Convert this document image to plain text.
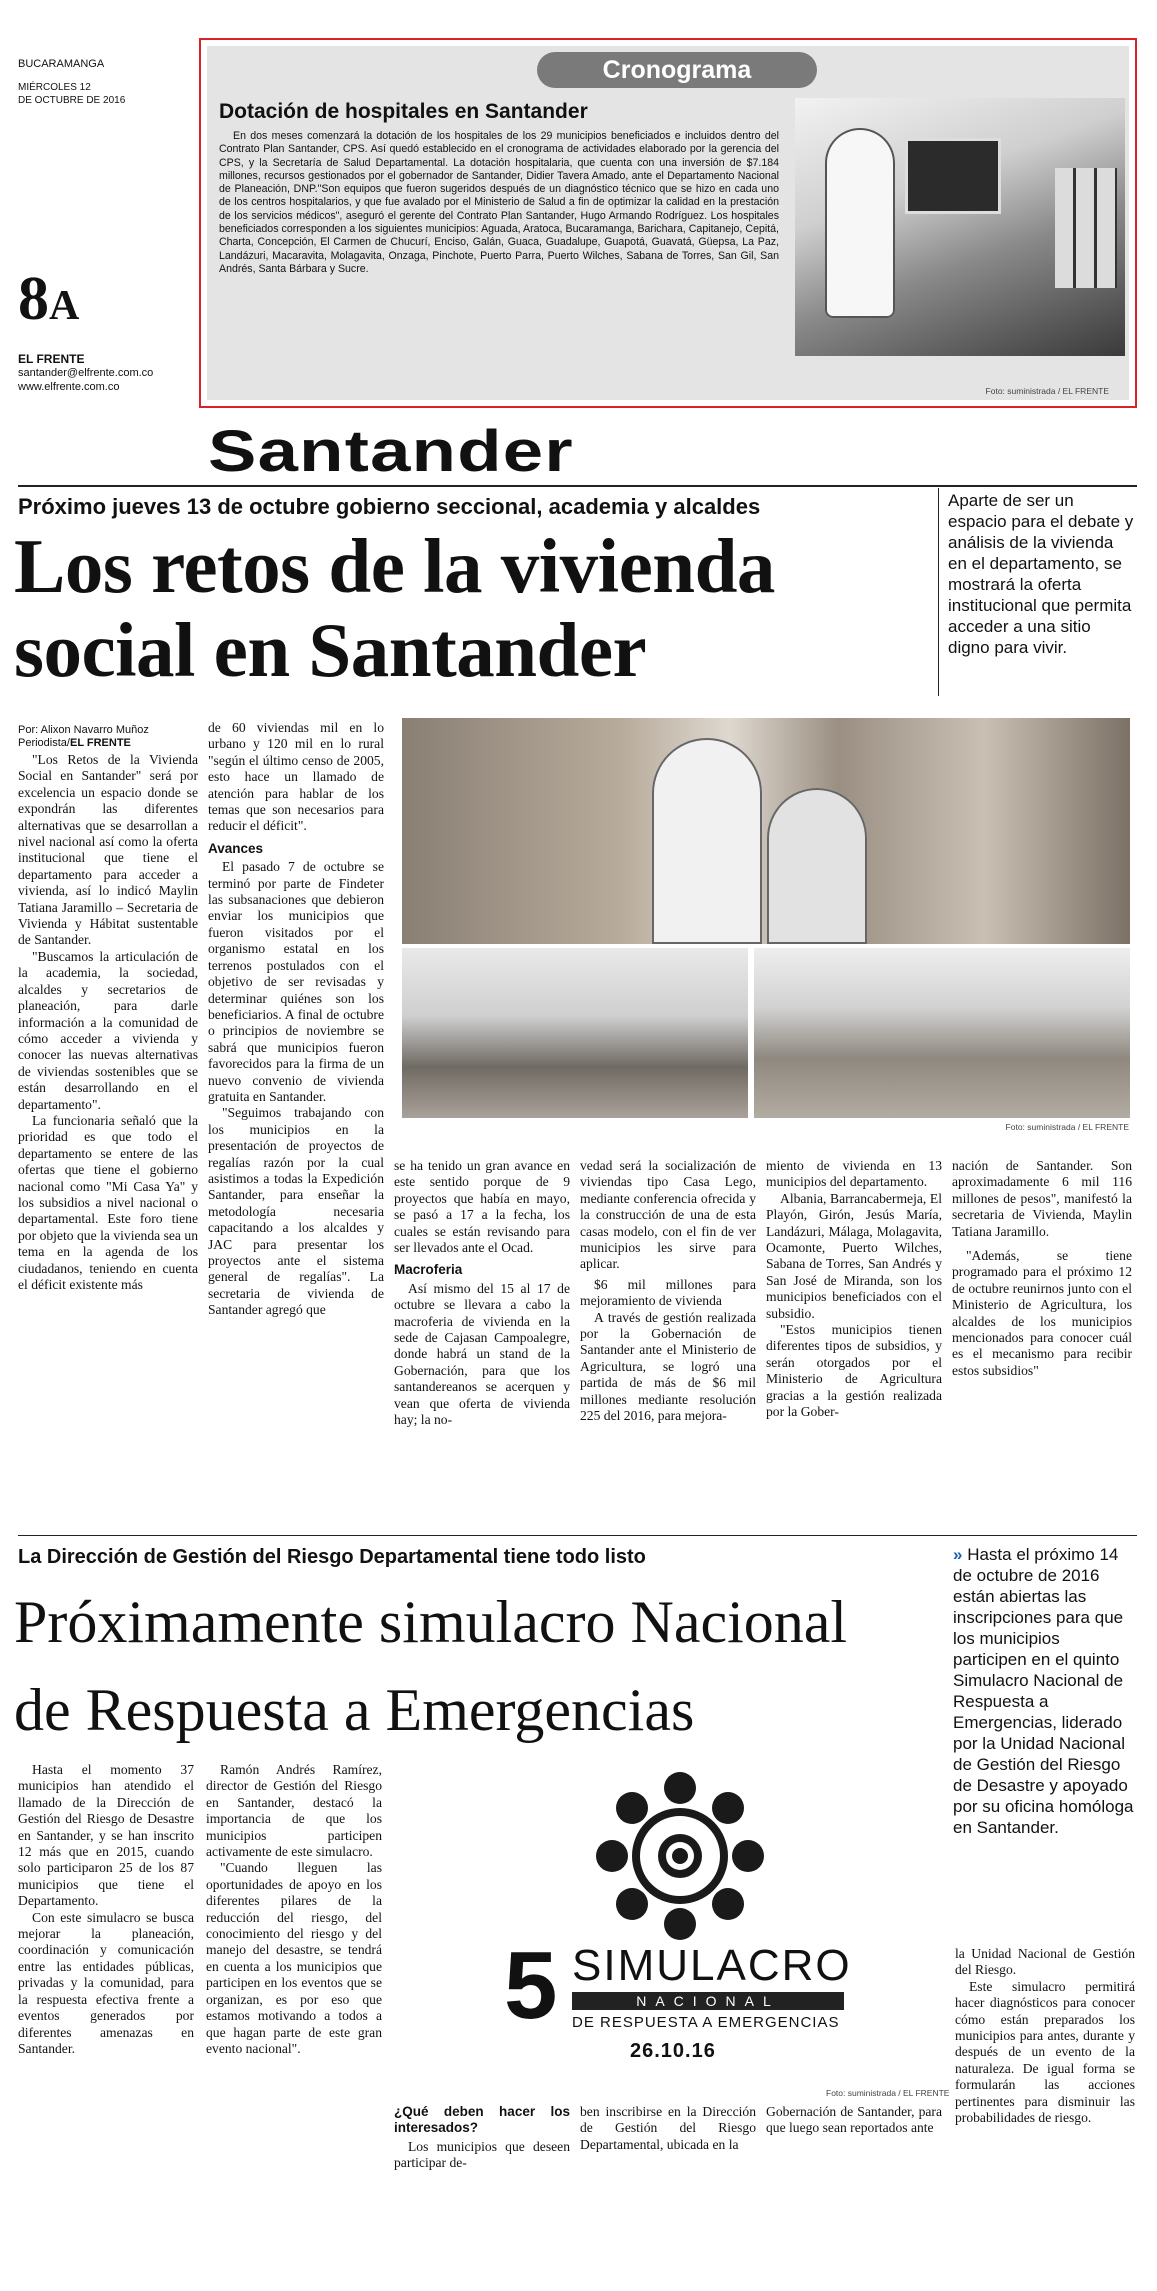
BUCARAMANGA
MIÉRCOLES 12
DE OCTUBRE DE 2016
8A
EL FRENTE
santander@elfrente.com.co
www.elfrente.com.co
Cronograma
Dotación de hospitales en Santander
En dos meses comenzará la dotación de los hospitales de los 29 municipios beneficiados e incluidos dentro del Contrato Plan Santander, CPS. Así quedó establecido en el cronograma de actividades elaborado por la gerencia del CPS, y la Secretaría de Salud Departamental. La dotación hospitalaria, que cuenta con una inversión de $7.184 millones, recursos gestionados por el gobernador de Santander, Didier Tavera Amado, ante el Departamento Nacional de Planeación, DNP."Son equipos que fueron sugeridos después de un diagnóstico técnico que se hizo en cada uno de los centros hospitalarios, y que fue avalado por el Ministerio de Salud a fin de optimizar la calidad en la prestación de los servicios médicos", aseguró el gerente del Contrato Plan Santander, Hugo Armando Rodríguez. Los hospitales beneficiados corresponden a los siguientes municipios: Aguada, Aratoca, Bucaramanga, Barichara, Capitanejo, Cepitá, Charta, Concepción, El Carmen de Chucurí, Enciso, Galán, Guaca, Guadalupe, Guapotá, Guavatá, Güepsa, La Paz, Landázuri, Macaravita, Molagavita, Onzaga, Pinchote, Puerto Parra, Puerto Wilches, Sabana de Torres, San Gil, San Andrés, Santa Bárbara y Sucre.
Foto: suministrada / EL FRENTE
Santander
Próximo jueves 13 de octubre gobierno seccional, academia y alcaldes
Los retos de la vivienda
social en Santander
Aparte de ser un espacio para el debate y análisis de la vivienda en el departamento, se mostrará la oferta institucional que permita acceder a una sitio digno para vivir.
Por: Alixon Navarro Muñoz
Periodista/EL FRENTE

"Los Retos de la Vivienda Social en Santander" será por excelencia un espacio donde se expondrán las diferentes alternativas que se desarrollan a nivel nacional así como la oferta institucional que tiene el departamento para acceder a vivienda, así lo indicó Maylin Tatiana Jaramillo – Secretaria de Vivienda y Hábitat sustentable de Santander.

"Buscamos la articulación de la academia, la sociedad, alcaldes y secretarios de planeación, para darle información a la comunidad de cómo acceder a vivienda y conocer las nuevas alternativas de viviendas sostenibles que se están desarrollando en el departamento".

La funcionaria señaló que la prioridad es que todo el departamento se entere de las ofertas que tiene el gobierno nacional como "Mi Casa Ya" y los subsidios a nivel nacional o departamental. Este foro tiene por objeto que la vivienda sea un tema en la agenda de los ciudadanos, teniendo en cuenta el déficit existente más

de 60 viviendas mil en lo urbano y 120 mil en lo rural "según el último censo de 2005, esto hace un llamado de atención para hablar de los temas que son necesarios para reducir el déficit".

Avances

El pasado 7 de octubre se terminó por parte de Findeter las subsanaciones que debieron enviar los municipios que fueron visitados por el organismo estatal en los terrenos postulados con el objetivo de ser revisadas y determinar quiénes son los beneficiarios. A final de octubre o principios de noviembre se sabrá que municipios fueron favorecidos para la firma de un nuevo convenio de vivienda gratuita en Santander.

"Seguimos trabajando con los municipios en la presentación de proyectos de regalías razón por la cual asistimos a todas la Expedición Santander, para enseñar la metodología necesaria capacitando a los alcaldes y JAC para presentar los proyectos ante el sistema general de regalías". La secretaria de vivienda de Santander agregó que

Foto: suministrada / EL FRENTE

se ha tenido un gran avance en este sentido porque de 9 proyectos que había en mayo, se pasó a 17 a la fecha, los cuales se están revisando para ser llevados ante el Ocad.

Macroferia

Así mismo del 15 al 17 de octubre se llevara a cabo la macroferia de vivienda en la sede de Cajasan Campoalegre, donde habrá un stand de la Gobernación, para que los santandereanos se acerquen y vean que oferta de vivienda hay; la no-

vedad será la socialización de viviendas tipo Casa Lego, mediante conferencia ofrecida y la construcción de una de esta casas modelo, con el fin de ver municipios les sirve para aplicar.

$6 mil millones para mejoramiento de vivienda

A través de gestión realizada por la Gobernación de Santander ante el Ministerio de Agricultura, se logró una partida de más de $6 mil millones mediante resolución 225 del 2016, para mejora-

miento de vivienda en 13 municipios del departamento.

Albania, Barrancabermeja, El Playón, Girón, Jesús María, Landázuri, Málaga, Molagavita, Ocamonte, Puerto Wilches, Sabana de Torres, San Andrés y San José de Miranda, son los municipios beneficiados con el subsidio.

"Estos municipios tienen diferentes tipos de subsidios, y serán otorgados por el Ministerio de Agricultura gracias a la gestión realizada por la Gober-

nación de Santander. Son aproximadamente 6 mil 116 millones de pesos", manifestó la secretaria de Vivienda, Maylin Tatiana Jaramillo.

"Además, se tiene programado para el próximo 12 de octubre reunirnos junto con el Ministerio de Agricultura, los alcaldes de los municipios mencionados para conocer cuál es el mecanismo para recibir estos subsidios"

La Dirección de Gestión del Riesgo Departamental tiene todo listo
Próximamente simulacro Nacional
de Respuesta a Emergencias
» Hasta el próximo 14 de octubre de 2016 están abiertas las inscripciones para que los municipios participen en el quinto Simulacro Nacional de Respuesta a Emergencias, liderado por la Unidad Nacional de Gestión del Riesgo de Desastre y apoyado por su oficina homóloga en Santander.

Hasta el momento 37 municipios han atendido el llamado de la Dirección de Gestión del Riesgo de Desastre en Santander, y se han inscrito 12 más que en 2015, cuando solo participaron 25 de los 87 municipios que tiene el Departamento.

Con este simulacro se busca mejorar la planeación, coordinación y comunicación entre las entidades públicas, privadas y la comunidad, para la respuesta efectiva frente a eventos generados por diferentes amenazas en Santander.

Ramón Andrés Ramírez, director de Gestión del Riesgo en Santander, destacó la importancia de que los municipios participen activamente de este simulacro.

"Cuando lleguen las oportunidades de apoyo en los diferentes pilares de la reducción del riesgo, del conocimiento del riesgo y del manejo del desastre, se tendrá en cuenta a los municipios que participen en los eventos que se organizan, es por eso que estamos motivando a todos a que hagan parte de este gran evento nacional".

5 SIMULACRO
NACIONAL
DE RESPUESTA A EMERGENCIAS
26.10.16
Foto: suministrada / EL FRENTE
¿Qué deben hacer los interesados?

Los municipios que deseen participar de-

ben inscribirse en la Dirección de Gestión del Riesgo Departamental, ubicada en la

Gobernación de Santander, para que luego sean reportados ante

la Unidad Nacional de Gestión del Riesgo.

Este simulacro permitirá hacer diagnósticos para conocer cómo están preparados los municipios para antes, durante y después de un evento de la naturaleza. De igual forma se formularán las acciones pertinentes para disminuir las probabilidades de riesgo.
